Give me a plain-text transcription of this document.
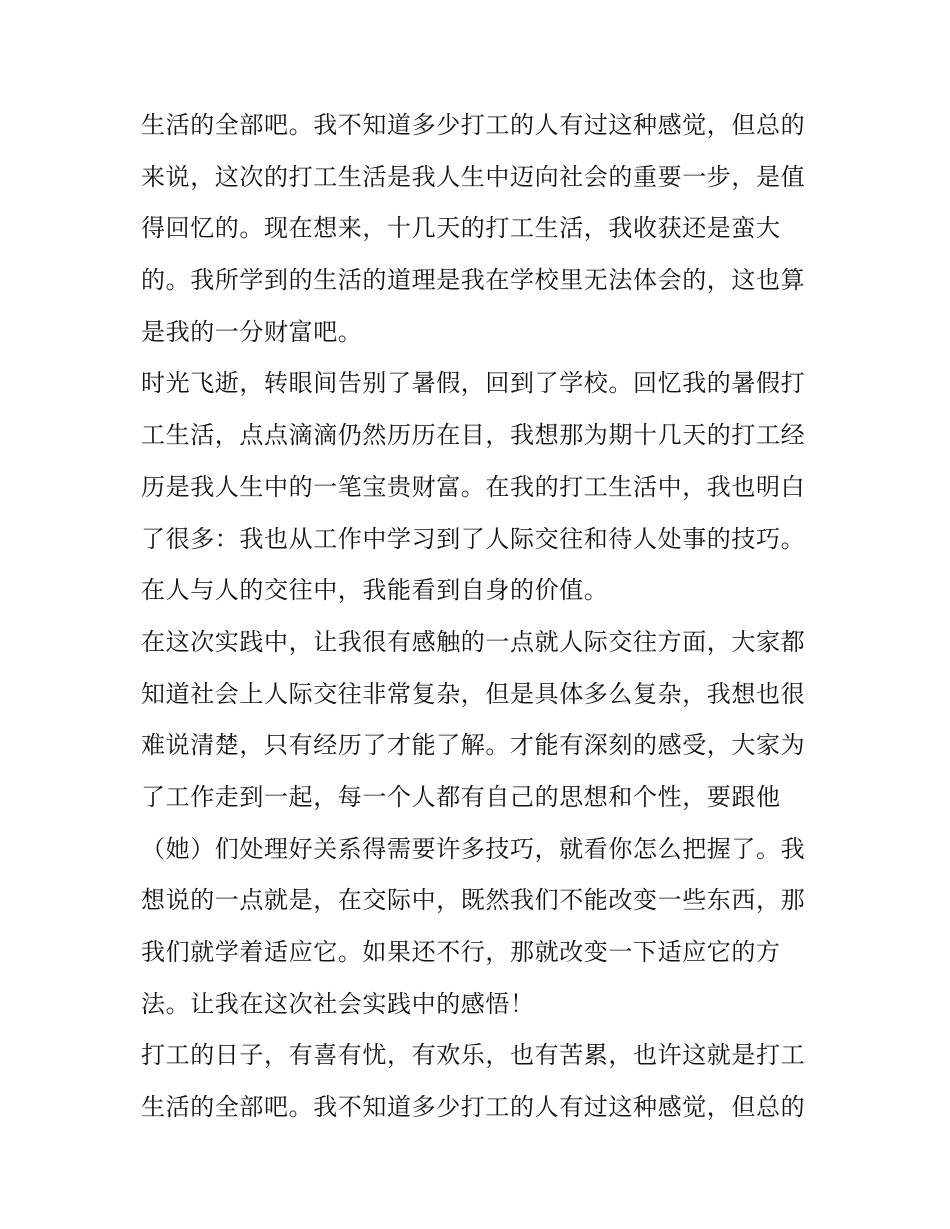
生活的全部吧。我不知道多少打工的人有过这种感觉，但总的
来说，这次的打工生活是我人生中迈向社会的重要一步，是值
得回忆的。现在想来，十几天的打工生活，我收获还是蛮大
的。我所学到的生活的道理是我在学校里无法体会的，这也算
是我的一分财富吧。
时光飞逝，转眼间告别了暑假，回到了学校。回忆我的暑假打
工生活，点点滴滴仍然历历在目，我想那为期十几天的打工经
历是我人生中的一笔宝贵财富。在我的打工生活中，我也明白
了很多：我也从工作中学习到了人际交往和待人处事的技巧。
在人与人的交往中，我能看到自身的价值。
在这次实践中，让我很有感触的一点就人际交往方面，大家都
知道社会上人际交往非常复杂，但是具体多么复杂，我想也很
难说清楚，只有经历了才能了解。才能有深刻的感受，大家为
了工作走到一起，每一个人都有自己的思想和个性，要跟他
（她）们处理好关系得需要许多技巧，就看你怎么把握了。我
想说的一点就是，在交际中，既然我们不能改变一些东西，那
我们就学着适应它。如果还不行，那就改变一下适应它的方
法。让我在这次社会实践中的感悟！
打工的日子，有喜有忧，有欢乐，也有苦累，也许这就是打工
生活的全部吧。我不知道多少打工的人有过这种感觉，但总的
